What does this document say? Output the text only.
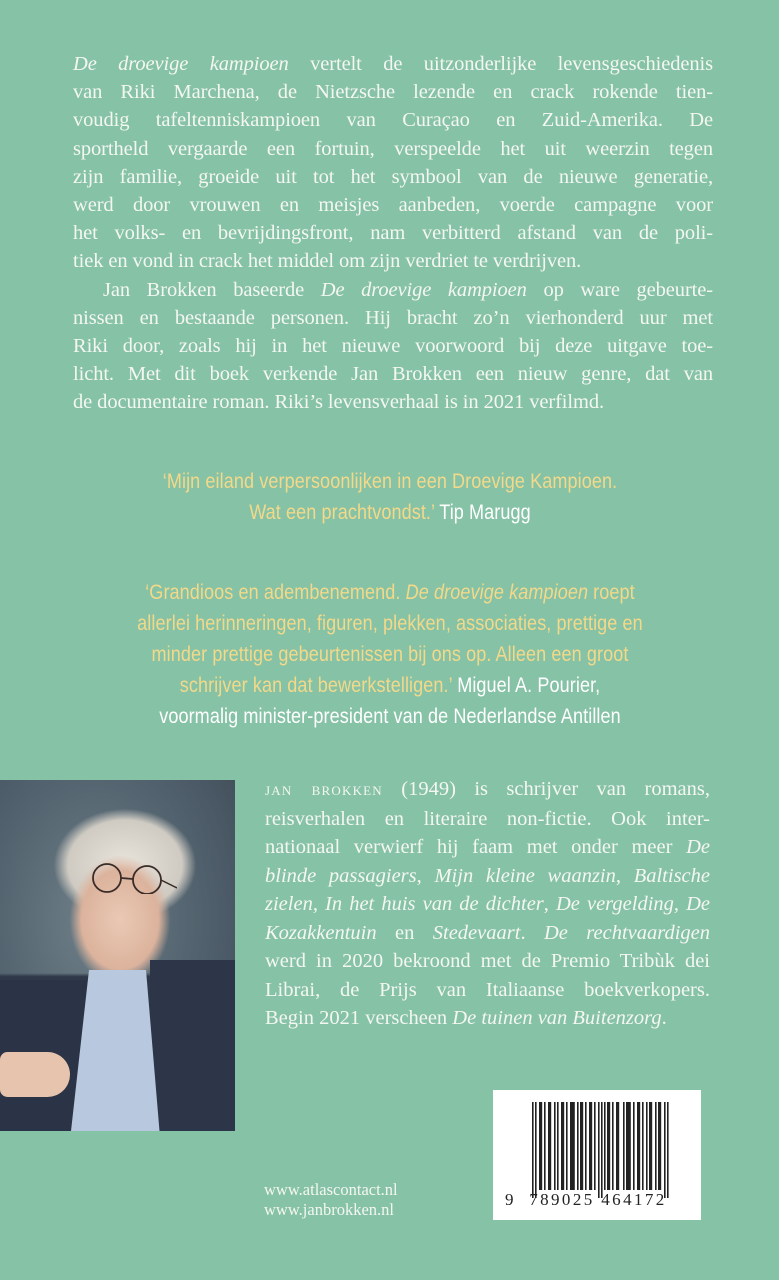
De droevige kampioen vertelt de uitzonderlijke levensgeschiedenis
van Riki Marchena, de Nietzsche lezende en crack rokende tien-
voudig tafeltenniskampioen van Curaçao en Zuid-Amerika. De
sportheld vergaarde een fortuin, verspeelde het uit weerzin tegen
zijn familie, groeide uit tot het symbool van de nieuwe generatie,
werd door vrouwen en meisjes aanbeden, voerde campagne voor
het volks- en bevrijdingsfront, nam verbitterd afstand van de poli-
tiek en vond in crack het middel om zijn verdriet te verdrijven.

Jan Brokken baseerde De droevige kampioen op ware gebeurte-
nissen en bestaande personen. Hij bracht zo’n vierhonderd uur met
Riki door, zoals hij in het nieuwe voorwoord bij deze uitgave toe-
licht. Met dit boek verkende Jan Brokken een nieuw genre, dat van
de documentaire roman. Riki’s levensverhaal is in 2021 verfilmd.

‘Mijn eiland verpersoonlijken in een Droevige Kampioen.
Wat een prachtvondst.’ Tip Marugg
‘Grandioos en adembenemend. De droevige kampioen roept
allerlei herinneringen, figuren, plekken, associaties, prettige en
minder prettige gebeurtenissen bij ons op. Alleen een groot
schrijver kan dat bewerkstelligen.’ Miguel A. Pourier,
voormalig minister-president van de Nederlandse Antillen
jan brokken (1949) is schrijver van romans,
reisverhalen en literaire non-fictie. Ook inter-
nationaal verwierf hij faam met onder meer De
blinde passagiers, Mijn kleine waanzin, Baltische
zielen, In het huis van de dichter, De vergelding, De
Kozakkentuin en Stedevaart. De rechtvaardigen
werd in 2020 bekroond met de Premio Tribùk dei
Librai, de Prijs van Italiaanse boekverkopers.
Begin 2021 verscheen De tuinen van Buitenzorg.
9 789025 464172
www.atlascontact.nl
www.janbrokken.nl
